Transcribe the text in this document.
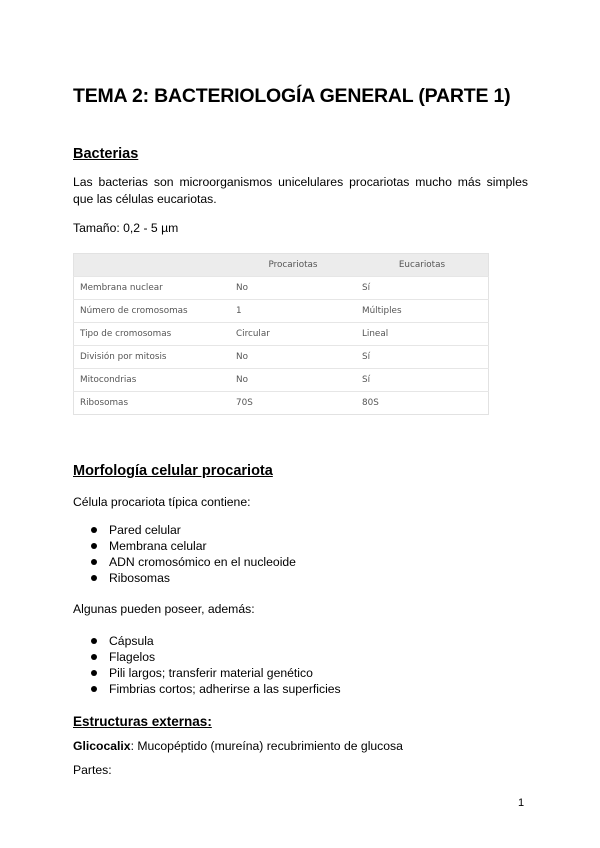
TEMA 2: BACTERIOLOGÍA GENERAL (PARTE 1)
Bacterias
Las bacterias son microorganismos unicelulares procariotas mucho más simples que las células eucariotas.
Tamaño: 0,2 - 5 µm
	Procariotas	Eucariotas
Membrana nuclear	No	Sí
Número de cromosomas	1	Múltiples
Tipo de cromosomas	Circular	Lineal
División por mitosis	No	Sí
Mitocondrias	No	Sí
Ribosomas	70S	80S
Morfología celular procariota
Célula procariota típica contiene:
Pared celular
Membrana celular
ADN cromosómico en el nucleoide
Ribosomas
Algunas pueden poseer, además:
Cápsula
Flagelos
Pili largos; transferir material genético
Fimbrias cortos; adherirse a las superficies
Estructuras externas:
Glicocalix: Mucopéptido (mureína) recubrimiento de glucosa
Partes:
1
